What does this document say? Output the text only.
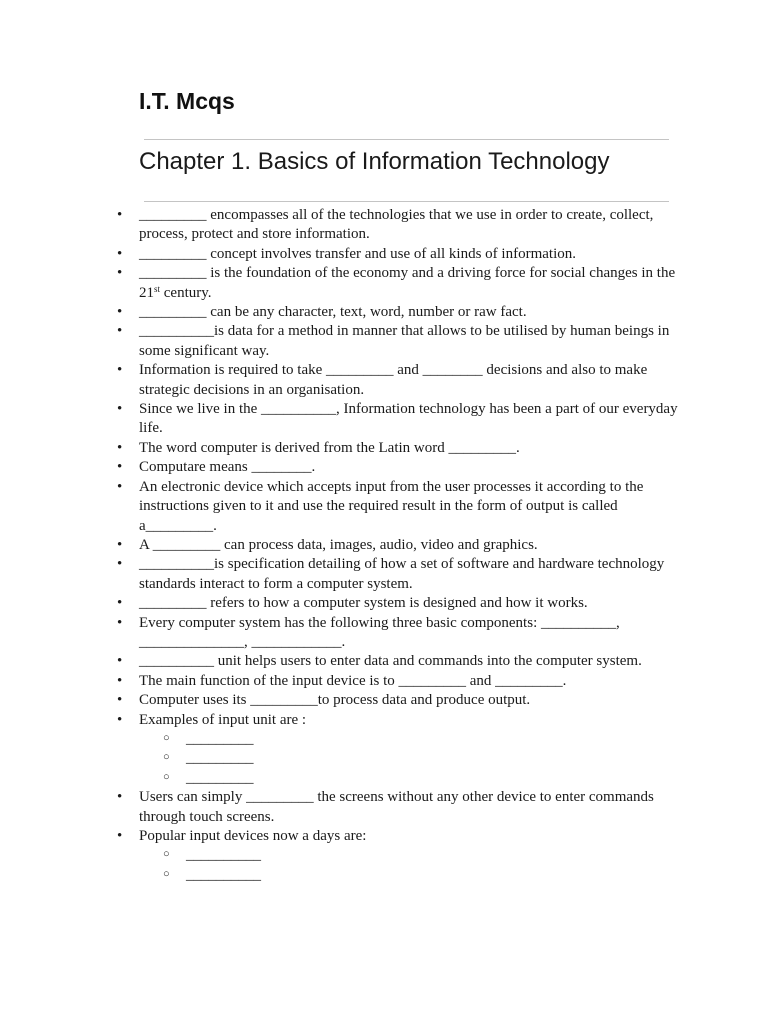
I.T. Mcqs
Chapter 1. Basics of Information Technology
• _________ encompasses all of the technologies that we use in order to create, collect, process, protect and store information.
• _________ concept involves transfer and use of all kinds of information.
• _________ is the foundation of the economy and a driving force for social changes in the 21st century.
• _________ can be any character, text, word, number or raw fact.
• __________is data for a method in manner that allows to be utilised by human beings in some significant way.
• Information is required to take _________ and ________ decisions and also to make strategic decisions in an organisation.
• Since we live in the __________, Information technology has been a part of our everyday life.
• The word computer is derived from the Latin word _________.
• Computare means ________.
• An electronic device which accepts input from the user processes it according to the instructions given to it and use the required result in the form of output is called a_________.
• A _________ can process data, images, audio, video and graphics.
• __________is specification detailing of how a set of software and hardware technology standards interact to form a computer system.
• _________ refers to how a computer system is designed and how it works.
• Every computer system has the following three basic components: __________, ______________, ____________.
• __________ unit helps users to enter data and commands into the computer system.
• The main function of the input device is to _________ and _________.
• Computer uses its _________to process data and produce output.
• Examples of input unit are :
○ _________
○ _________
○ _________
• Users can simply _________ the screens without any other device to enter commands through touch screens.
• Popular input devices now a days are:
○ __________
○ __________
